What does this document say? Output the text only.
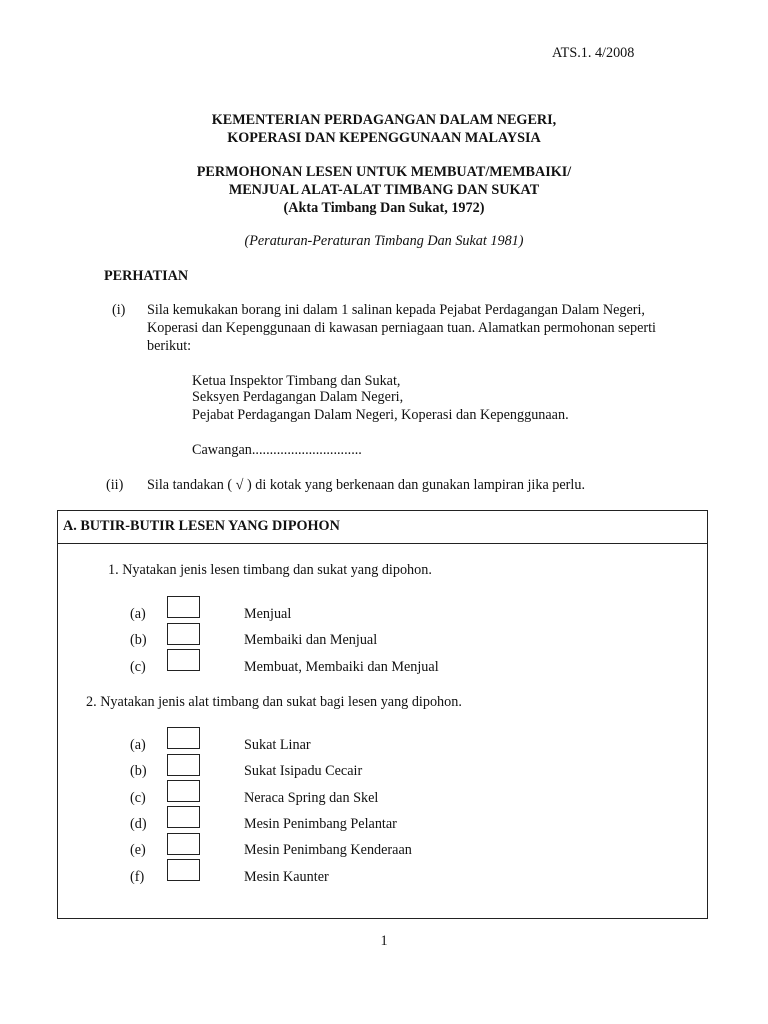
ATS.1. 4/2008
KEMENTERIAN PERDAGANGAN DALAM NEGERI,
KOPERASI DAN KEPENGGUNAAN MALAYSIA
PERMOHONAN LESEN UNTUK MEMBUAT/MEMBAIKI/
MENJUAL ALAT-ALAT TIMBANG DAN SUKAT
(Akta Timbang Dan Sukat, 1972)
(Peraturan-Peraturan Timbang Dan Sukat 1981)
PERHATIAN
(i) Sila kemukakan borang ini dalam 1 salinan kepada Pejabat Perdagangan Dalam Negeri,
Koperasi dan Kepenggunaan di kawasan perniagaan tuan. Alamatkan permohonan seperti
berikut:
Ketua Inspektor Timbang dan Sukat,
Seksyen Perdagangan Dalam Negeri,
Pejabat Perdagangan Dalam Negeri, Koperasi dan Kepenggunaan.
Cawangan...............................
(ii) Sila tandakan ( √ ) di kotak yang berkenaan dan gunakan lampiran jika perlu.
A. BUTIR-BUTIR LESEN YANG DIPOHON
1. Nyatakan jenis lesen timbang dan sukat yang dipohon.
(a)	Menjual
(b)	Membaiki dan Menjual
(c)	Membuat, Membaiki dan Menjual
2. Nyatakan jenis alat timbang dan sukat bagi lesen yang dipohon.
(a)	Sukat Linar
(b)	Sukat Isipadu Cecair
(c)	Neraca Spring dan Skel
(d)	Mesin Penimbang Pelantar
(e)	Mesin Penimbang Kenderaan
(f)	Mesin Kaunter
1
